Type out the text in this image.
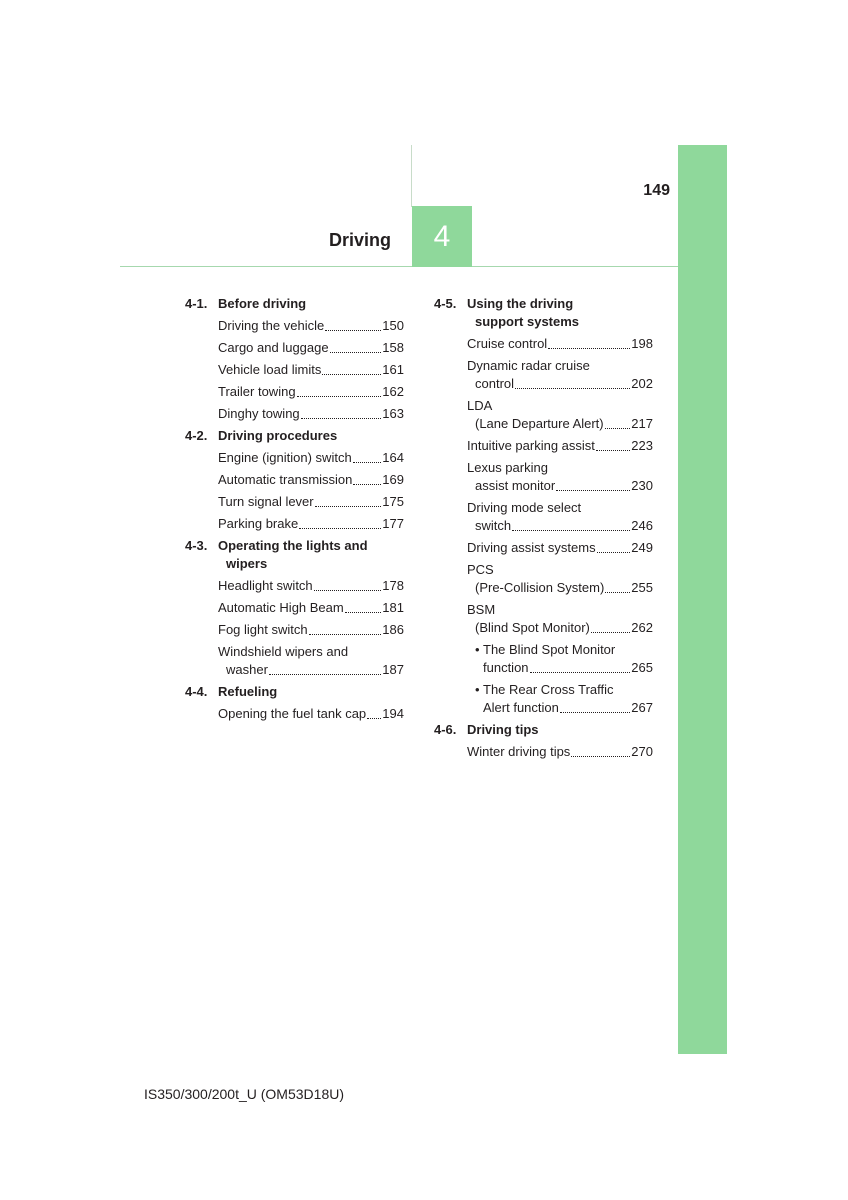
4
Driving
149
4-1. Before driving
Driving the vehicle	150
Cargo and luggage	158
Vehicle load limits	161
Trailer towing	162
Dinghy towing	163
4-2. Driving procedures
Engine (ignition) switch 164
Automatic transmission 169
Turn signal lever	175
Parking brake	177
4-3. Operating the lights and
wipers
Headlight switch	178
Automatic High Beam	181
Fog light switch	186
Windshield wipers and
washer	187
4-4. Refueling
Opening the fuel tank cap 194
4-5. Using the driving
support systems
Cruise control	198
Dynamic radar cruise
control	202
LDA
(Lane Departure Alert) 217
Intuitive parking assist	223
Lexus parking
assist monitor	230
Driving mode select
switch	246
Driving assist systems	249
PCS
(Pre-Collision System) 255
BSM
(Blind Spot Monitor)	262
• The Blind Spot Monitor
function	265
• The Rear Cross Traffic
Alert function	267
4-6. Driving tips
Winter driving tips	270
IS350/300/200t_U (OM53D18U)
